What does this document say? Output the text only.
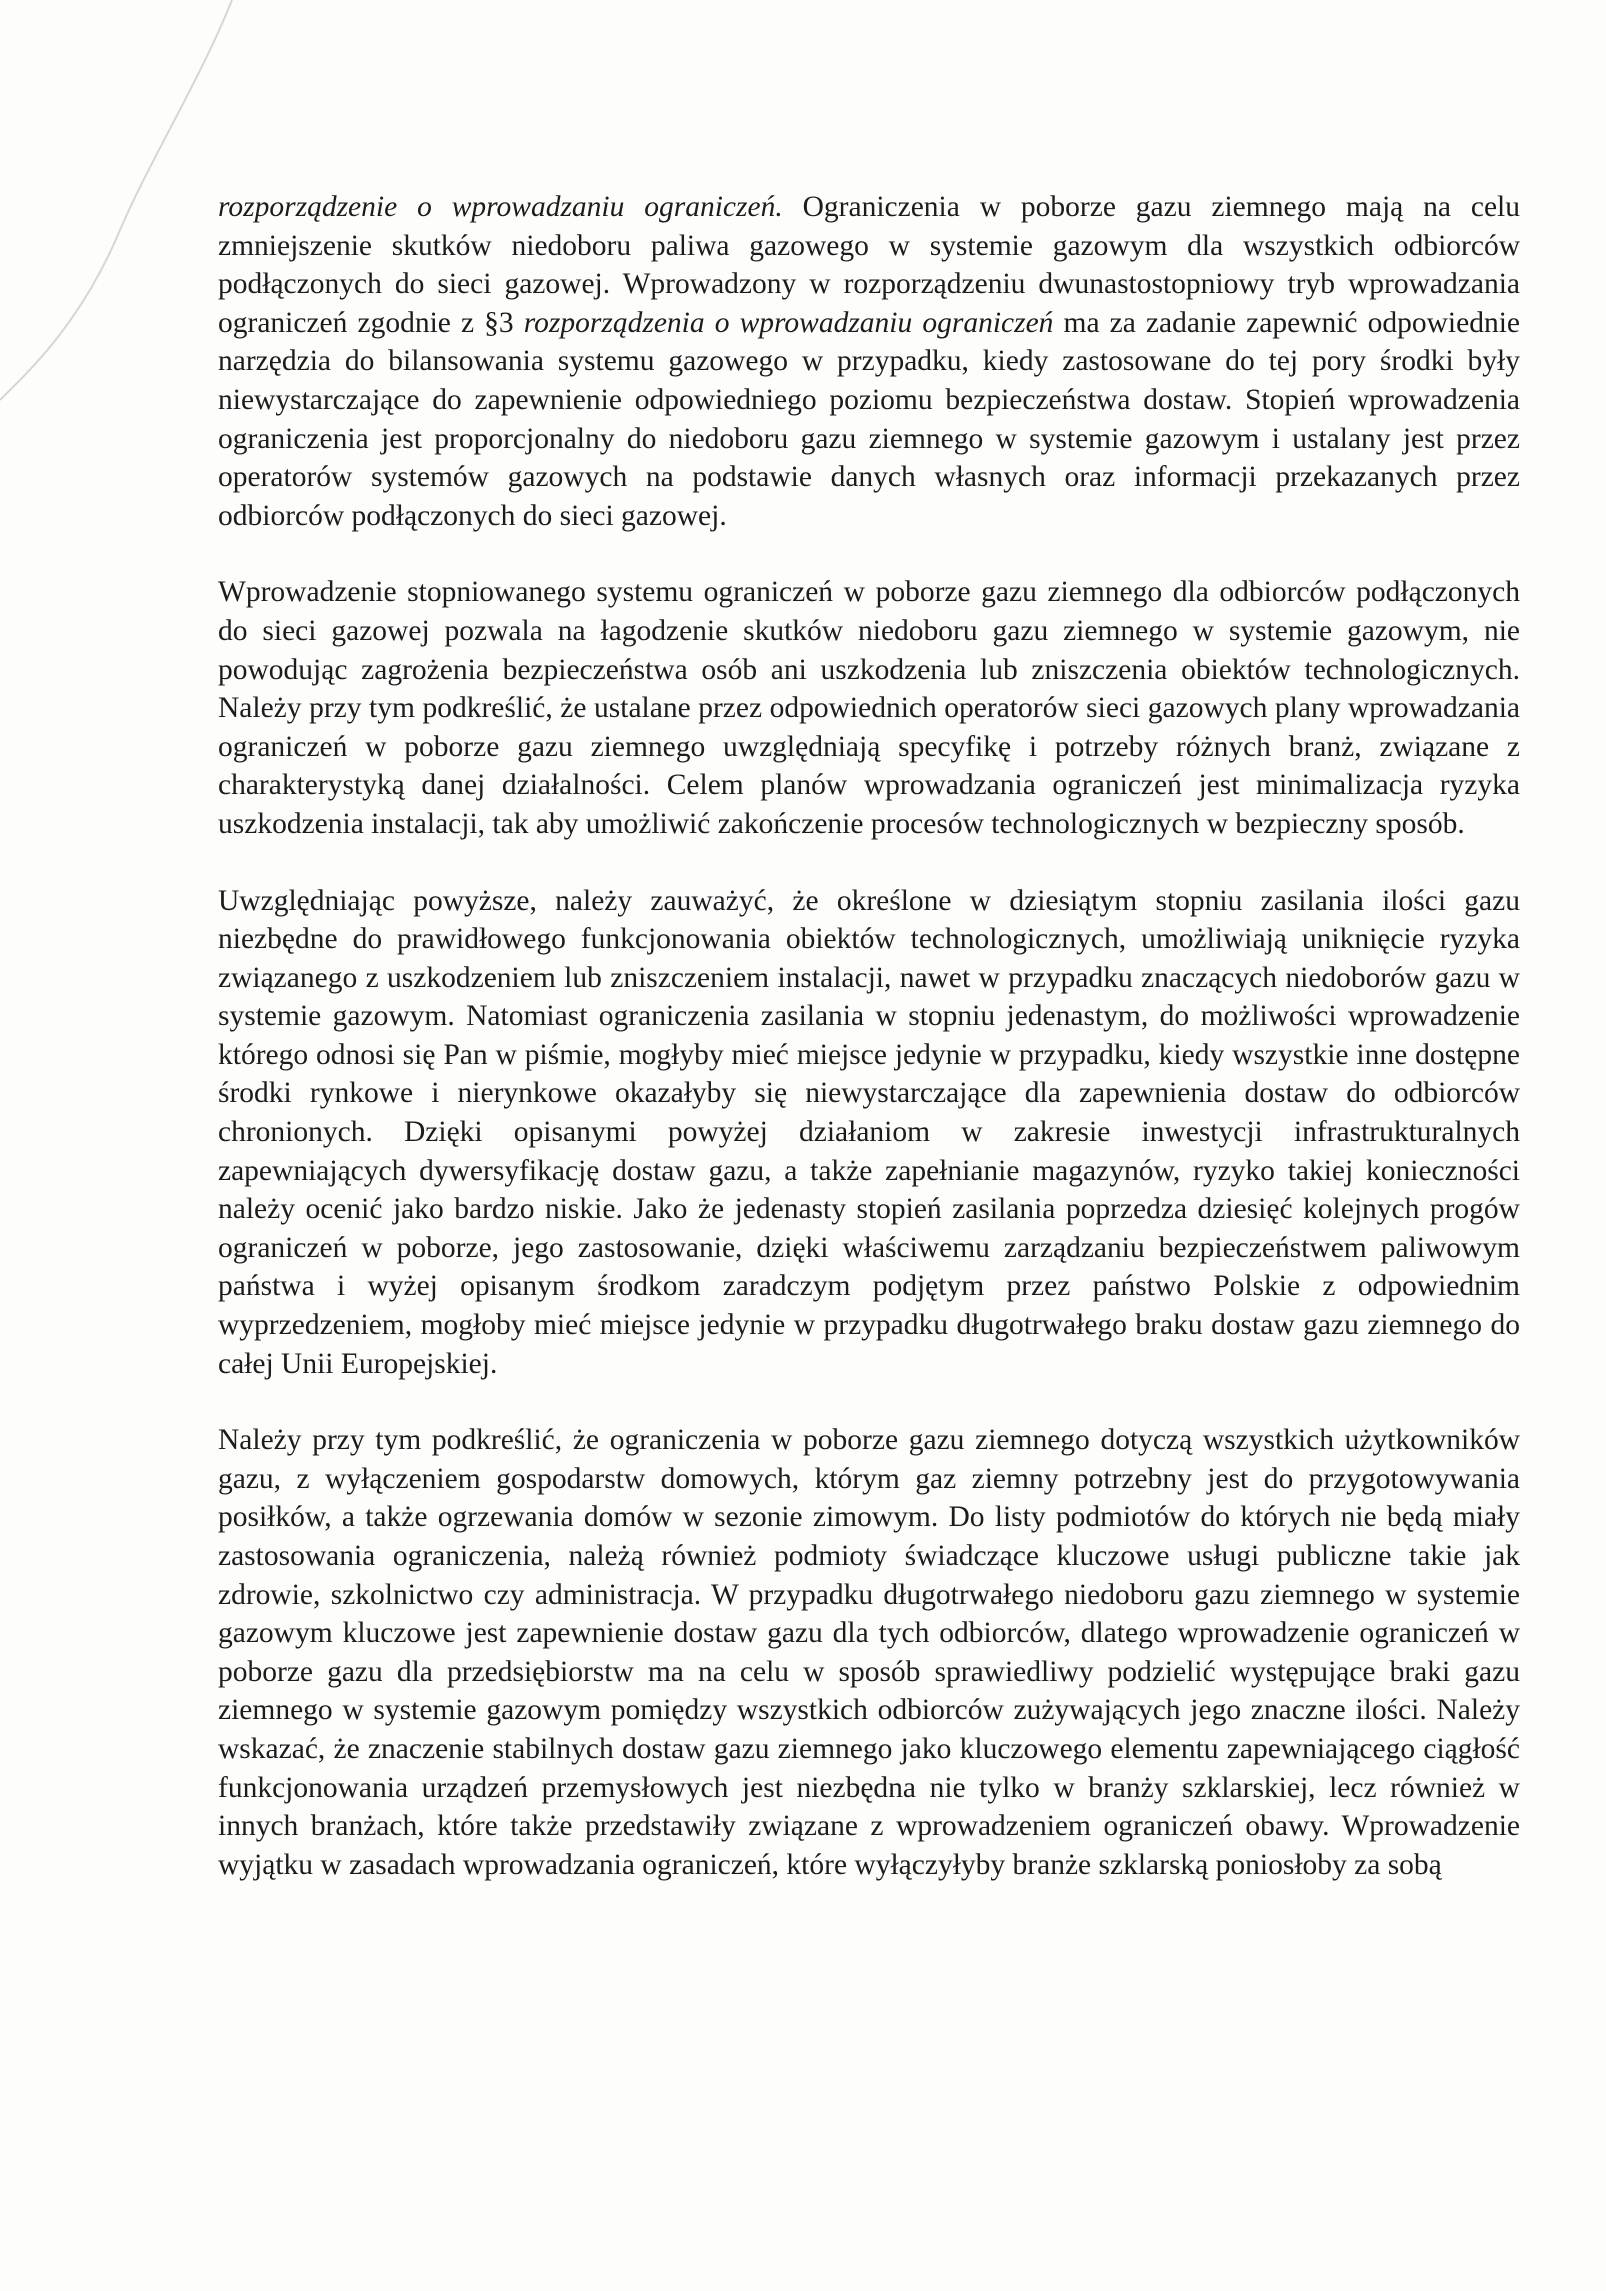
rozporządzenie o wprowadzaniu ograniczeń. Ograniczenia w poborze gazu ziemnego mają na celu zmniejszenie skutków niedoboru paliwa gazowego w systemie gazowym dla wszystkich odbiorców podłączonych do sieci gazowej. Wprowadzony w rozporządzeniu dwunastostopniowy tryb wprowadzania ograniczeń zgodnie z §3 rozporządzenia o wprowadzaniu ograniczeń ma za zadanie zapewnić odpowiednie narzędzia do bilansowania systemu gazowego w przypadku, kiedy zastosowane do tej pory środki były niewystarczające do zapewnienie odpowiedniego poziomu bezpieczeństwa dostaw. Stopień wprowadzenia ograniczenia jest proporcjonalny do niedoboru gazu ziemnego w systemie gazowym i ustalany jest przez operatorów systemów gazowych na podstawie danych własnych oraz informacji przekazanych przez odbiorców podłączonych do sieci gazowej.

Wprowadzenie stopniowanego systemu ograniczeń w poborze gazu ziemnego dla odbiorców podłączonych do sieci gazowej pozwala na łagodzenie skutków niedoboru gazu ziemnego w systemie gazowym, nie powodując zagrożenia bezpieczeństwa osób ani uszkodzenia lub zniszczenia obiektów technologicznych. Należy przy tym podkreślić, że ustalane przez odpowiednich operatorów sieci gazowych plany wprowadzania ograniczeń w poborze gazu ziemnego uwzględniają specyfikę i potrzeby różnych branż, związane z charakterystyką danej działalności. Celem planów wprowadzania ograniczeń jest minimalizacja ryzyka uszkodzenia instalacji, tak aby umożliwić zakończenie procesów technologicznych w bezpieczny sposób.

Uwzględniając powyższe, należy zauważyć, że określone w dziesiątym stopniu zasilania ilości gazu niezbędne do prawidłowego funkcjonowania obiektów technologicznych, umożliwiają uniknięcie ryzyka związanego z uszkodzeniem lub zniszczeniem instalacji, nawet w przypadku znaczących niedoborów gazu w systemie gazowym. Natomiast ograniczenia zasilania w stopniu jedenastym, do możliwości wprowadzenie którego odnosi się Pan w piśmie, mogłyby mieć miejsce jedynie w przypadku, kiedy wszystkie inne dostępne środki rynkowe i nierynkowe okazałyby się niewystarczające dla zapewnienia dostaw do odbiorców chronionych. Dzięki opisanymi powyżej działaniom w zakresie inwestycji infrastrukturalnych zapewniających dywersyfikację dostaw gazu, a także zapełnianie magazynów, ryzyko takiej konieczności należy ocenić jako bardzo niskie. Jako że jedenasty stopień zasilania poprzedza dziesięć kolejnych progów ograniczeń w poborze, jego zastosowanie, dzięki właściwemu zarządzaniu bezpieczeństwem paliwowym państwa i wyżej opisanym środkom zaradczym podjętym przez państwo Polskie z odpowiednim wyprzedzeniem, mogłoby mieć miejsce jedynie w przypadku długotrwałego braku dostaw gazu ziemnego do całej Unii Europejskiej.

Należy przy tym podkreślić, że ograniczenia w poborze gazu ziemnego dotyczą wszystkich użytkowników gazu, z wyłączeniem gospodarstw domowych, którym gaz ziemny potrzebny jest do przygotowywania posiłków, a także ogrzewania domów w sezonie zimowym. Do listy podmiotów do których nie będą miały zastosowania ograniczenia, należą również podmioty świadczące kluczowe usługi publiczne takie jak zdrowie, szkolnictwo czy administracja. W przypadku długotrwałego niedoboru gazu ziemnego w systemie gazowym kluczowe jest zapewnienie dostaw gazu dla tych odbiorców, dlatego wprowadzenie ograniczeń w poborze gazu dla przedsiębiorstw ma na celu w sposób sprawiedliwy podzielić występujące braki gazu ziemnego w systemie gazowym pomiędzy wszystkich odbiorców zużywających jego znaczne ilości. Należy wskazać, że znaczenie stabilnych dostaw gazu ziemnego jako kluczowego elementu zapewniającego ciągłość funkcjonowania urządzeń przemysłowych jest niezbędna nie tylko w branży szklarskiej, lecz również w innych branżach, które także przedstawiły związane z wprowadzeniem ograniczeń obawy. Wprowadzenie wyjątku w zasadach wprowadzania ograniczeń, które wyłączyłyby branże szklarską poniosłoby za sobą
